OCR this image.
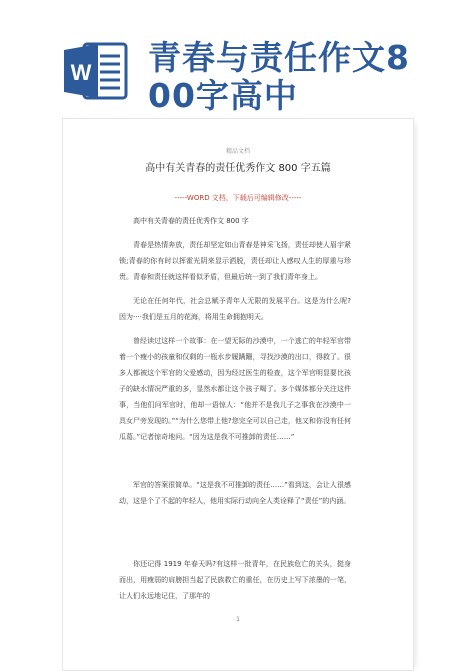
W 青春与责任作文8
00字高中
精品文档
高中有关青春的责任优秀作文 800 字五篇
-----WORD 文档，下载后可编辑修改-----
高中有关青春的责任优秀作文 800 字

青春是热情奔放，责任却坚定如山青春是神采飞扬，责任却使人眉宇紧锁;青春的你有时以挥霍光阴来显示洒脱，责任却让人感叹人生的厚重与珍贵。青春和责任就这样看似矛盾，但最后统一到了我们青年身上。

无论在任何年代，社会总赋予青年人无限的发展平台。这是为什么呢?因为····我们是五月的花海，将用生命拥抱明天。

曾经读过这样一个故事：在一望无际的沙漠中，一个逃亡的年轻军官带着一个瘦小的孩童和仅剩的一瓶水步履蹒跚，寻找沙漠的出口，得救了。很多人都被这个军官的父爱感动，因为经过医生的检查，这个军官明显要比孩子的缺水情况严重的多，显然水都让这个孩子喝了。多个媒体都分关注这件事，当他们问军官时，他却一语惊人：“他并不是我儿子之事我在沙漠中一具女尸旁发现的。”“为什么您带上他?您完全可以自己走，他又和你没有任何瓜葛。”记者惊奇地问。“因为这是我不可推卸的责任……”

军官的答案很简单。“这是我不可推卸的责任……”看到这，会让人很感动，这是个了不起的年轻人，他用实际行动向全人类诠释了“责任”的内涵。

你还记得 1919 年春天吗?有这样一批青年，在民族危亡的关头，挺身而出，用瘦弱的肩膀担当起了民族救亡的重任，在历史上写下浓墨的一笔，让人们永远地记住，了那年的

1
